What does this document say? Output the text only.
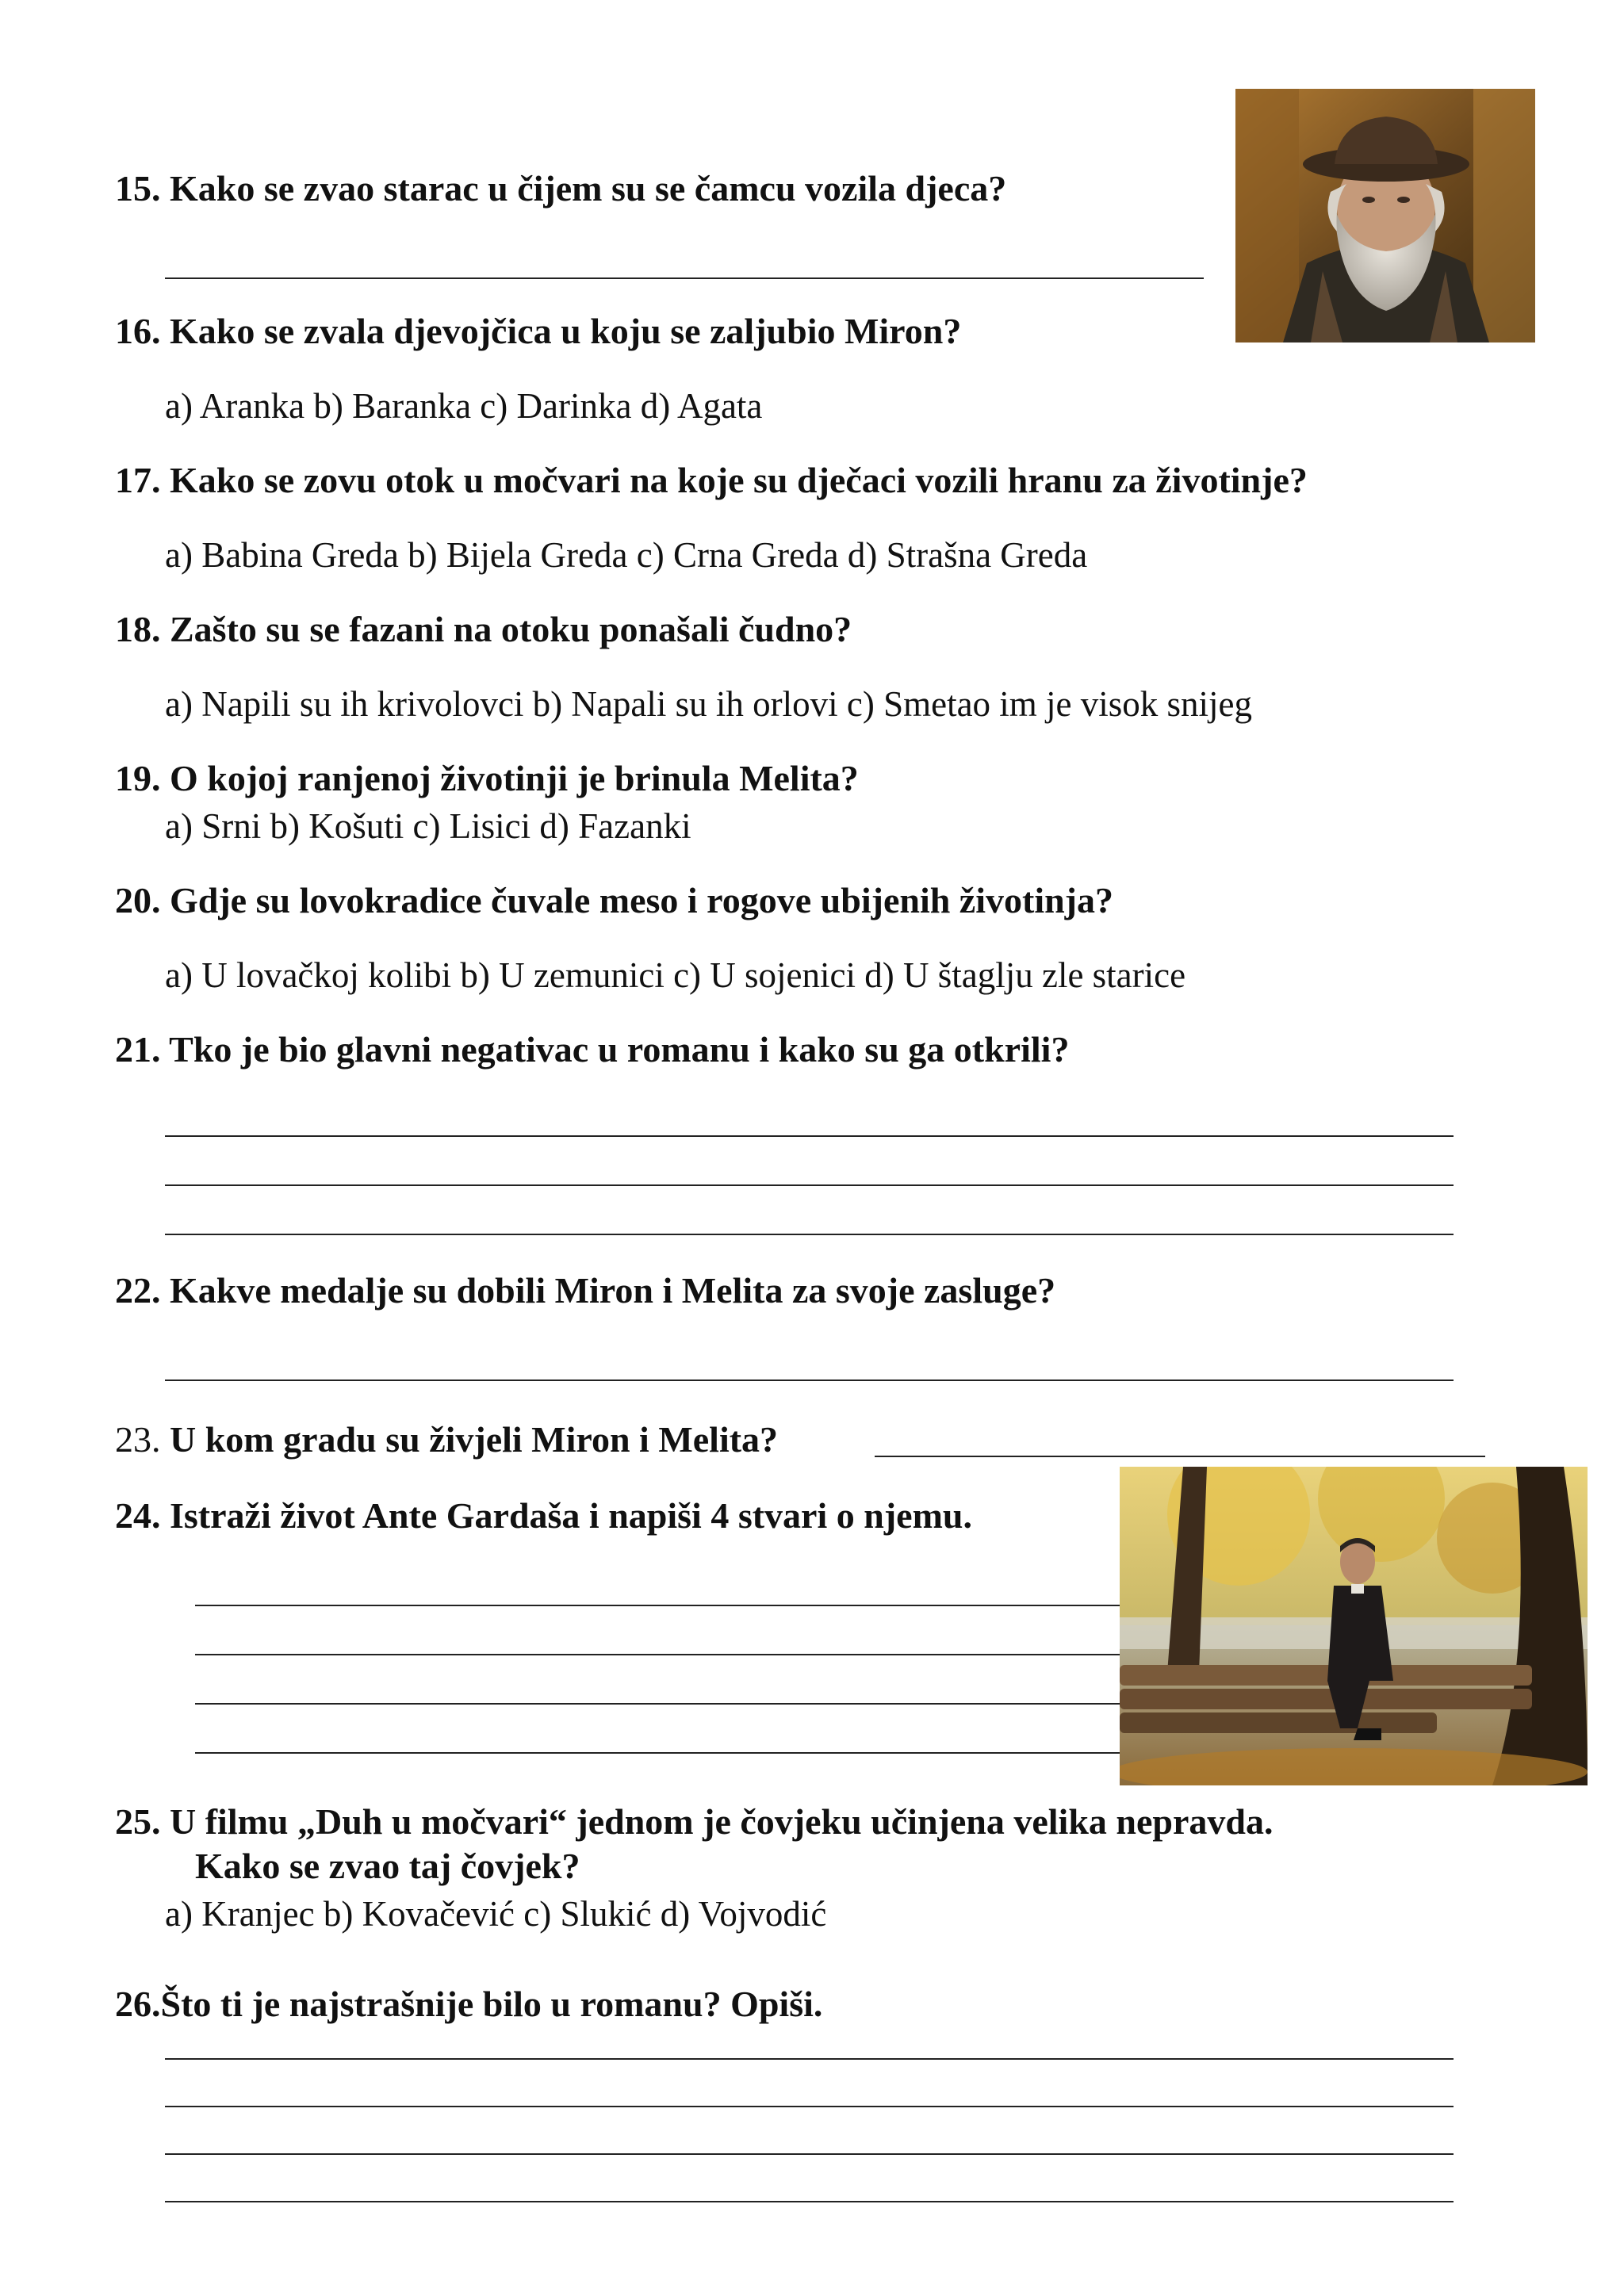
15. Kako se zvao starac u čijem su se čamcu vozila djeca?
16. Kako se zvala djevojčica u koju se zaljubio Miron?
a) Aranka b) Baranka c) Darinka d) Agata
17. Kako se zovu otok u močvari na koje su dječaci vozili hranu za životinje?
a) Babina Greda b) Bijela Greda c) Crna Greda d) Strašna Greda
18. Zašto su se fazani na otoku ponašali čudno?
a) Napili su ih krivolovci b) Napali su ih orlovi c) Smetao im je visok snijeg
19. O kojoj ranjenoj životinji je brinula Melita?
a) Srni b) Košuti c) Lisici d) Fazanki
20. Gdje su lovokradice čuvale meso i rogove ubijenih životinja?
a) U lovačkoj kolibi b) U zemunici c) U sojenici d) U štaglju zle starice
21. Tko je bio glavni negativac u romanu i kako su ga otkrili?
22. Kakve medalje su dobili Miron i Melita za svoje zasluge?
23. U kom gradu su živjeli Miron i Melita?
24. Istraži život Ante Gardaša i napiši 4 stvari o njemu.
25. U filmu „Duh u močvari“ jednom je čovjeku učinjena velika nepravda.
Kako se zvao taj čovjek?
a) Kranjec b) Kovačević c) Slukić d) Vojvodić
26.Što ti je najstrašnije bilo u romanu? Opiši.
